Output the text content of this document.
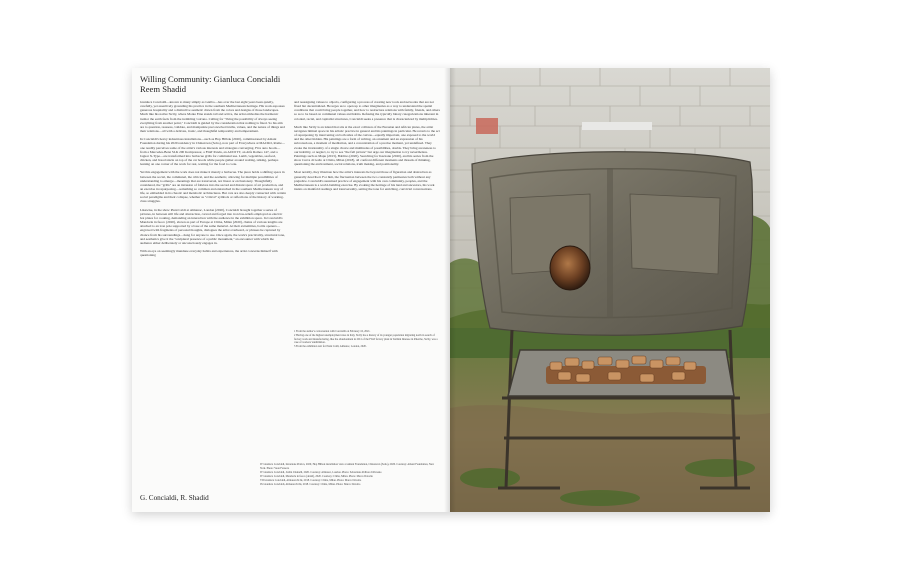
Willing Community: Gianluca Concialdi
Reem Shadid

Gianluca Concialdi—known to many simply as Gialbo—has over the last eight years been quietly, carefully, yet assertively grounding his practice in the southern Mediterranean heritage. His work espouses generous hospitality and a distinctive aesthetic drawn from the colors and designs of those landscapes. Much like his native Sicily, where Monte Etna stands tall and active, the artist embodies the harmonic tremor the earth feels from the trembling volcano. Calling for "living the possibility of always seeing everything from another point," Concialdi is guided by the consideration that nothing is fixed. So his aim are to question, reassess, validate, and manipulate preconceived truths, values, and the nature of things and their relations—all with a delicate, ironic, and thoughtful temporality and temperament.

In Concialdi's heavy industrious installations—such as Hop Hilbok (2020), commissioned by Amant Foundation during his 2020 residency in Chinatown (Soho), now part of Everywhere at MACRO, Rome—one readily perceives some of the artist's various interests and strategies converging. Five auto hoods—from a Mercedes-Benz SLK 200 Kompressor, a FIAT Panda, an AUDI TT, an Alfa Romeo 147, and a Jaguar X-Type—are transformed into barbecue grills for communal use. Lamb, vegetables, seafood, chicken, and bread sizzle on top of the car hoods while people gather around waiting, talking, perhaps leaning on one corner of the work for rest, waiting for the food to cook.

Yet this engagement with the work does not make it merely a barbecue. The piece holds a shifting space in between the social, the communal, the critical, and the aesthetic, allowing for multiple possibilities of understanding to emerge—meanings that are transversal, not linear or exclusionary. Thoughtfully considered, the "grills" are an intrusion of folklore into the sacred and distant space of art production, and an exercise in repurposing—something so common and entrenched in the southern Mediterranean way of life, so embedded in its chaotic and metabolic architectures. But cars are also deeply connected with certain social paradigms and their collapse, whether as "critical" symbols or reflections of the history of working-class struggles.

Likewise, in the show Piani Caldi at Almanac, London (2020), Concialdi brought together a series of pictures, in between still life and abstraction, carved and forged into iron bas-reliefs employed as electric hot plates for cooking, demanding an interaction with the audience in the exhibition space. In Concialdi's Mandorle in fuoco (2020), shown as part of Europe at Clima, Milan (2020), chains of various lengths are attached to an iron pole supported by a base of the same material. At their extremities, bottle openers—engraved with fragments of personal thoughts, dialogues the artist overheard, or phrases he captured by chance from his surroundings—hang for anyone to use. Once again, the work's practicality, structural tone, and aesthetics give it the "sculptural presence of a public monument," an encounter with which the audience either deliberately or unconsciously engages in.

With an eye on seemingly mundane everyday habits and experiences, the artist concerns himself with questioning

and reassigning values to objects, configuring a process of creating new tools and networks that are not fixed but decentralized. He urges us to open up to other imaginaries as a way to understand the spatial conditions that could bring people together, and how to restructure relations with family, friends, and others so as to be based on communal values and habits. Refusing the typically binary categorizations inherent in colonial, racial, and capitalist structures, Concialdi seeks a presence that is characterized by multiplicities.

Much like Sicily is an island that sits at the exact collision of the Eurasian and African plates, the artist navigates liminal space in his artistic practice in general and his paintings in particular. He reverts to the act of repurposing by intervening on both sides of the canvas—equally important, one exposed to the world and the other hidden. His paintings are a form of writing, an ornament and an expression of his subconscious, a moment of meditation, and a concentration of a precise moment, yet undefined. They evoke the irrationality of a single choice and multitudes of possibilities, doubts. They bring awareness to our inability, or neglect, to try to see "the full picture" but urge our imagination to try nevertheless. Paintings such as Mapu (2013), Bablino (2020), Searching for Kazzanu (2020), and his series from the show Curva di Gallo at Clima, Milan (2018), all confront different moments and threads of thinking, questioning the environment, social relations, truth making, and positionality.

Most notably, they illustrate how the artist's interests lie beyond those of figuration and abstraction as generally described. For him, the fluctuation between the two constantly permeates both without any prejudice. Concialdi's sustained practice of engagement with his own community, peoples, and the Mediterranean is a world-building exercise. By evoking the heritage of his land and ancestors, his work insists on manifold readings and transversality, setting the tone for enriching, convivial conversations.

1 From the author's conversation with Concialdi on February 16, 2021.
2 Having one of the highest unemployment rates in Italy, Sicily has a history of its younger population migrating north in search of factory work and manufacturing, like the abandonment in 2011 of the FIAT factory plant in Termini Imerese in Palermo, Sicily, was a case of workers' annihilation.
3 From the exhibition text for Piani Caldi, Almanac, London, 2020.
IV Gianluca Concialdi, Istruzione Pratica, 2020, Hop Hilbok installation view at Amant Foundation, Chinatown (Soho), 2020. Courtesy: Amant Foundation, New York. Photo: Veon Fonseca
IV Gianluca Concialdi, Jardin Cikinelli, 2020. Courtesy: Almanac, London. Photo: Sebastiano Pellion di Persano
IV Gianluca Concialdi, Mandorle in fuoco (detail), 2020. Courtesy: Clima, Milan. Photo: Marco Davolio
VII Gianluca Concialdi, Almanacchi Ik, 2018. Courtesy: Clima, Milan. Photo: Marco Davolio
IX Gianluca Concialdi, Almanacchi Ik, 2018. Courtesy: Clima, Milan. Photo: Marco Davolio
G. Concialdi, R. Shadid
